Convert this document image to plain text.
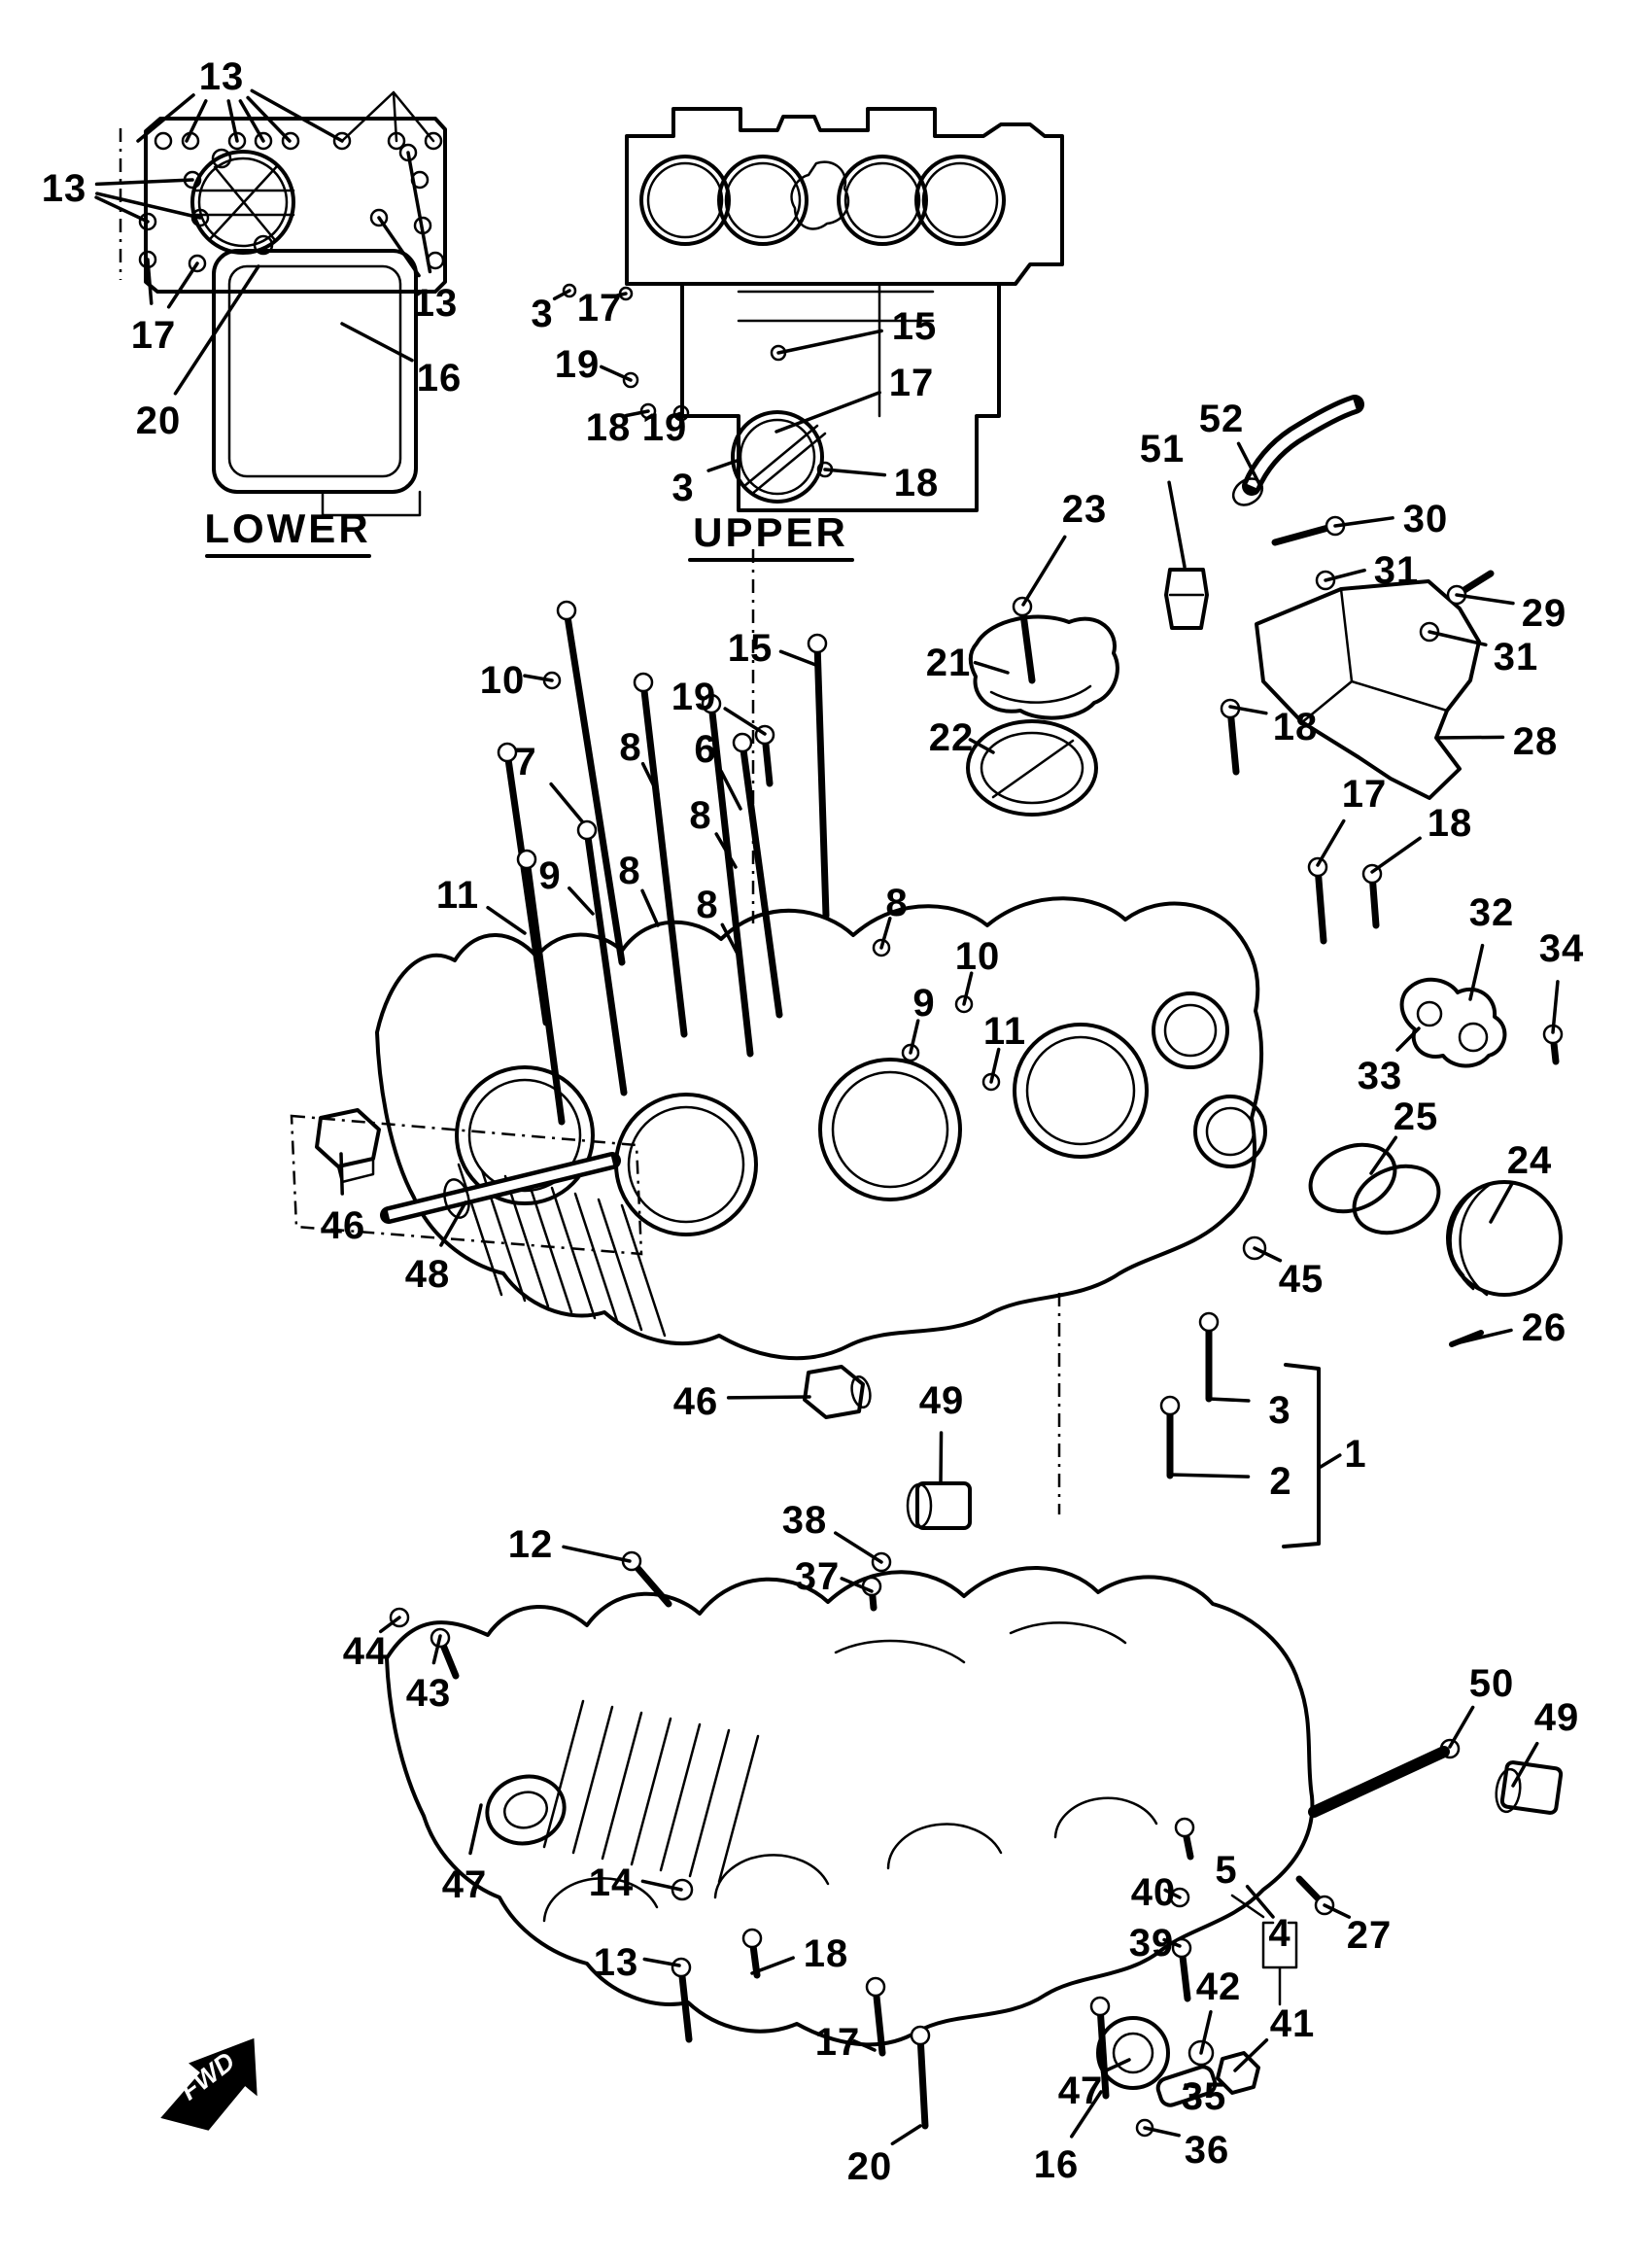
FWD
LOWER	UPPER
13
13
17
20
13
16
3 17
19
18 19
15
17
3	18
51
52
23	30
31
29
31
28
18
17
18
10
15
19
21
22
7 8 6
8
9 8
11	8	8
10
9
11
32
34
33
25
24
45
26
3
1
2
46
48
46	49
38
37
12
44
43
47	14
13	18
17
20	16
50
49
5
40
39	27
4
42
41
47 35
36
